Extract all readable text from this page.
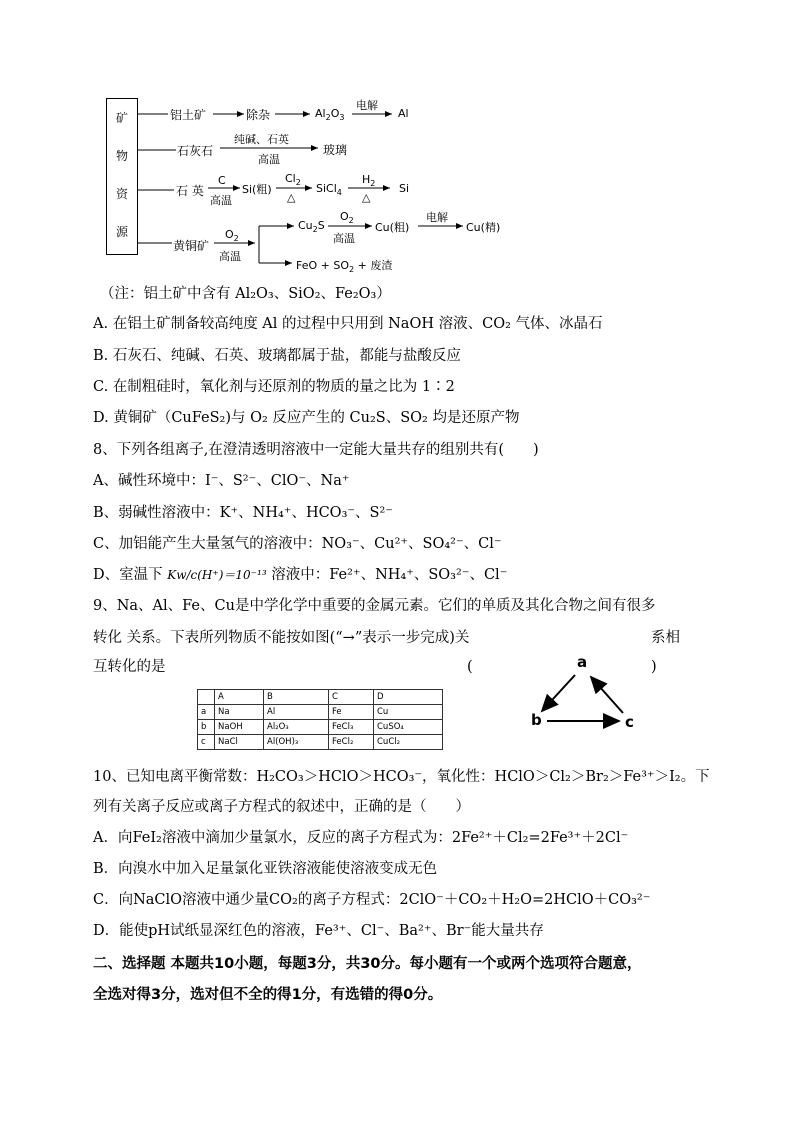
矿
物
资
源
铝土矿	除杂	$Al_2O_3$
电解
Al
石灰石
纯碱、石英
高温
玻璃
石 英
C
高温
Si(粗)
$Cl_2$
△
SiCl$_4$
$H_2$
△
Si
黄铜矿
$O_2$
高温
$Cu_2S$
$O_2$
高温
Cu(粗)
电解
Cu(精)
FeO + $SO_2$ + 废渣
（注：铝土矿中含有 Al₂O₃、SiO₂、Fe₂O₃）
A. 在铝土矿制备较高纯度 Al 的过程中只用到 NaOH 溶液、CO₂ 气体、冰晶石
B. 石灰石、纯碱、石英、玻璃都属于盐，都能与盐酸反应
C. 在制粗硅时，氧化剂与还原剂的物质的量之比为 1∶2
D. 黄铜矿（CuFeS₂)与 O₂ 反应产生的 Cu₂S、SO₂ 均是还原产物
8、下列各组离子,在澄清透明溶液中一定能大量共存的组别共有(　　)
A、碱性环境中：I⁻、S²⁻、ClO⁻、Na⁺
B、弱碱性溶液中：K⁺、NH₄⁺、HCO₃⁻、S²⁻
C、加铝能产生大量氢气的溶液中：NO₃⁻、Cu²⁺、SO₄²⁻、Cl⁻
D、室温下 Kw/c(H⁺)＝10⁻¹³ 溶液中：Fe²⁺、NH₄⁺、SO₃²⁻、Cl⁻
9、Na、Al、Fe、Cu是中学化学中重要的金属元素。它们的单质及其化合物之间有很多
转化 关系。下表所列物质不能按如图(“→”表示一步完成)关	系相
互转化的是	(	)
	A	B	C	D
a	Na	Al	Fe	Cu
b	NaOH	Al₂O₃	FeCl₃	CuSO₄
c	NaCl	Al(OH)₃	FeCl₂	CuCl₂
a
b	c
10、已知电离平衡常数：H₂CO₃＞HClO＞HCO₃⁻，氧化性：HClO＞Cl₂＞Br₂＞Fe³⁺＞I₂。下
列有关离子反应或离子方程式的叙述中，正确的是（　　）
A．向FeI₂溶液中滴加少量氯水，反应的离子方程式为：2Fe²⁺＋Cl₂=2Fe³⁺＋2Cl⁻
B．向溴水中加入足量氯化亚铁溶液能使溶液变成无色
C．向NaClO溶液中通少量CO₂的离子方程式：2ClO⁻＋CO₂＋H₂O=2HClO＋CO₃²⁻
D．能使pH试纸显深红色的溶液，Fe³⁺、Cl⁻、Ba²⁺、Br⁻能大量共存
二、选择题 本题共10小题，每题3分，共30分。每小题有一个或两个选项符合题意，
全选对得3分，选对但不全的得1分，有选错的得0分。
